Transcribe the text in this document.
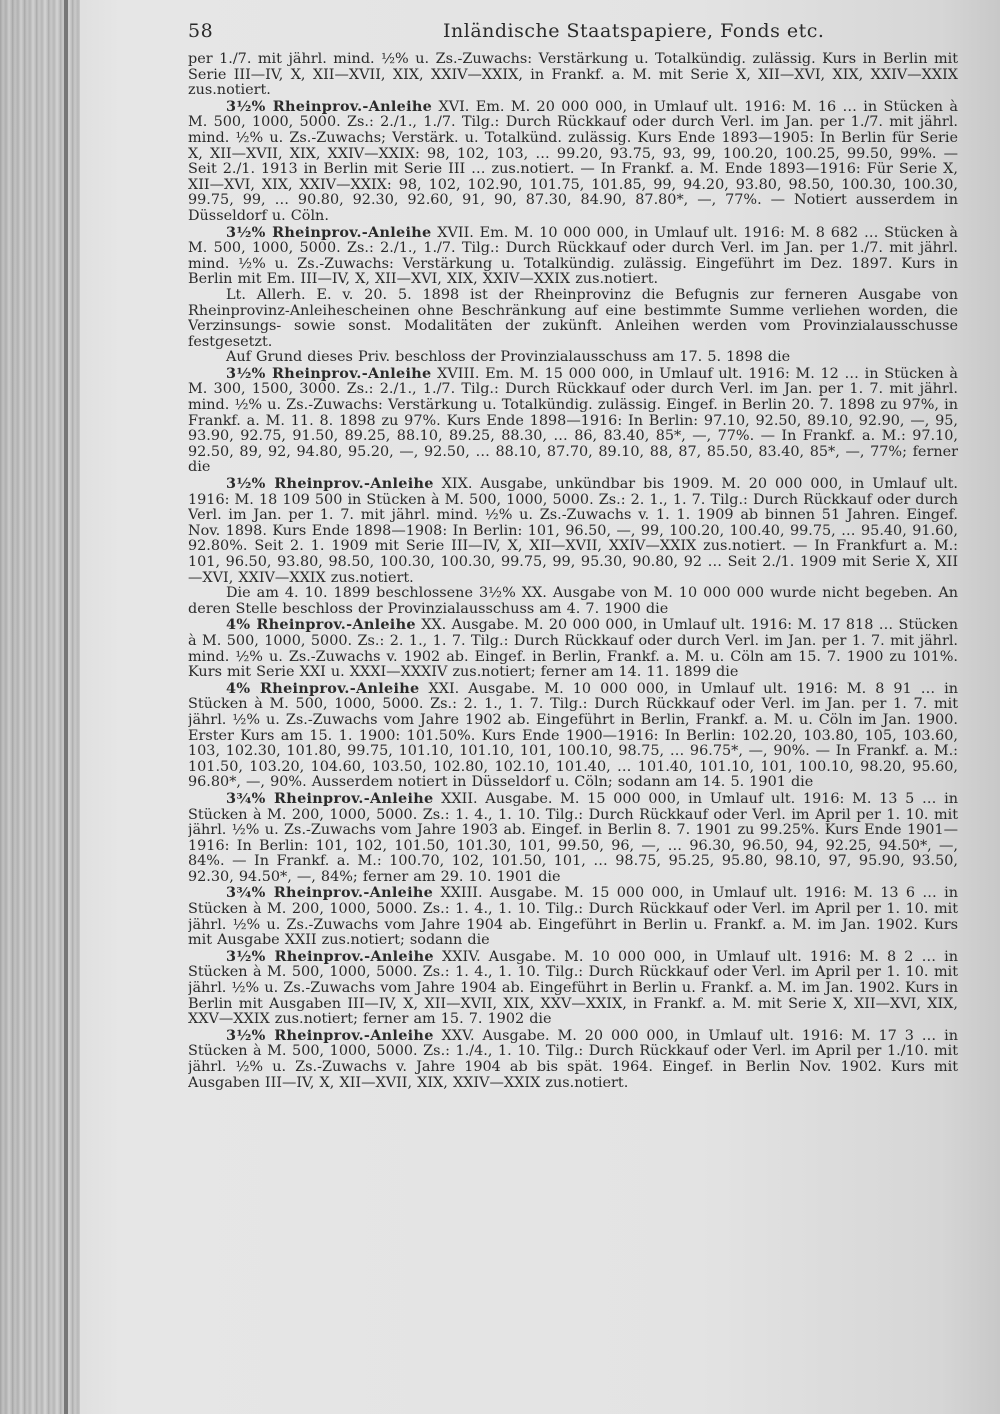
58	Inländische Staatspapiere, Fonds etc.

per 1./7. mit jährl. mind. ½% u. Zs.-Zuwachs: Verstärkung u. Totalkündig. zulässig. Kurs in Berlin mit Serie III—IV, X, XII—XVII, XIX, XXIV—XXIX, in Frankf. a. M. mit Serie X, XII—XVI, XIX, XXIV—XXIX zus.notiert.

3½% Rheinprov.-Anleihe XVI. Em. M. 20 000 000, in Umlauf ult. 1916: M. 16 … in Stücken à M. 500, 1000, 5000. Zs.: 2./1., 1./7. Tilg.: Durch Rückkauf oder durch Verl. im Jan. per 1./7. mit jährl. mind. ½% u. Zs.-Zuwachs; Verstärk. u. Totalkünd. zulässig. Kurs Ende 1893—1905: In Berlin für Serie X, XII—XVII, XIX, XXIV—XXIX: 98, 102, 103, … 99.20, 93.75, 93, 99, 100.20, 100.25, 99.50, 99%. — Seit 2./1. 1913 in Berlin mit Serie III … zus.notiert. — In Frankf. a. M. Ende 1893—1916: Für Serie X, XII—XVI, XIX, XXIV—XXIX: 98, 102, 102.90, 101.75, 101.85, 99, 94.20, 93.80, 98.50, 100.30, 100.30, 99.75, 99, … 90.80, 92.30, 92.60, 91, 90, 87.30, 84.90, 87.80*, —, 77%. — Notiert ausserdem in Düsseldorf u. Cöln.

3½% Rheinprov.-Anleihe XVII. Em. M. 10 000 000, in Umlauf ult. 1916: M. 8 682 … Stücken à M. 500, 1000, 5000. Zs.: 2./1., 1./7. Tilg.: Durch Rückkauf oder durch Verl. im Jan. per 1./7. mit jährl. mind. ½% u. Zs.-Zuwachs: Verstärkung u. Totalkündig. zulässig. Eingeführt im Dez. 1897. Kurs in Berlin mit Em. III—IV, X, XII—XVI, XIX, XXIV—XXIX zus.notiert.

Lt. Allerh. E. v. 20. 5. 1898 ist der Rheinprovinz die Befugnis zur ferneren Ausgabe von Rheinprovinz-Anleihescheinen ohne Beschränkung auf eine bestimmte Summe verliehen worden, die Verzinsungs- sowie sonst. Modalitäten der zukünft. Anleihen werden vom Provinzialausschusse festgesetzt.

Auf Grund dieses Priv. beschloss der Provinzialausschuss am 17. 5. 1898 die

3½% Rheinprov.-Anleihe XVIII. Em. M. 15 000 000, in Umlauf ult. 1916: M. 12 … in Stücken à M. 300, 1500, 3000. Zs.: 2./1., 1./7. Tilg.: Durch Rückkauf oder durch Verl. im Jan. per 1. 7. mit jährl. mind. ½% u. Zs.-Zuwachs: Verstärkung u. Totalkündig. zulässig. Eingef. in Berlin 20. 7. 1898 zu 97%, in Frankf. a. M. 11. 8. 1898 zu 97%. Kurs Ende 1898—1916: In Berlin: 97.10, 92.50, 89.10, 92.90, —, 95, 93.90, 92.75, 91.50, 89.25, 88.10, 89.25, 88.30, … 86, 83.40, 85*, —, 77%. — In Frankf. a. M.: 97.10, 92.50, 89, 92, 94.80, 95.20, —, 92.50, … 88.10, 87.70, 89.10, 88, 87, 85.50, 83.40, 85*, —, 77%; ferner die

3½% Rheinprov.-Anleihe XIX. Ausgabe, unkündbar bis 1909. M. 20 000 000, in Umlauf ult. 1916: M. 18 109 500 in Stücken à M. 500, 1000, 5000. Zs.: 2. 1., 1. 7. Tilg.: Durch Rückkauf oder durch Verl. im Jan. per 1. 7. mit jährl. mind. ½% u. Zs.-Zuwachs v. 1. 1. 1909 ab binnen 51 Jahren. Eingef. Nov. 1898. Kurs Ende 1898—1908: In Berlin: 101, 96.50, —, 99, 100.20, 100.40, 99.75, … 95.40, 91.60, 92.80%. Seit 2. 1. 1909 mit Serie III—IV, X, XII—XVII, XXIV—XXIX zus.notiert. — In Frankfurt a. M.: 101, 96.50, 93.80, 98.50, 100.30, 100.30, 99.75, 99, 95.30, 90.80, 92 … Seit 2./1. 1909 mit Serie X, XII—XVI, XXIV—XXIX zus.notiert.

Die am 4. 10. 1899 beschlossene 3½% XX. Ausgabe von M. 10 000 000 wurde nicht begeben. An deren Stelle beschloss der Provinzialausschuss am 4. 7. 1900 die

4% Rheinprov.-Anleihe XX. Ausgabe. M. 20 000 000, in Umlauf ult. 1916: M. 17 818 … Stücken à M. 500, 1000, 5000. Zs.: 2. 1., 1. 7. Tilg.: Durch Rückkauf oder durch Verl. im Jan. per 1. 7. mit jährl. mind. ½% u. Zs.-Zuwachs v. 1902 ab. Eingef. in Berlin, Frankf. a. M. u. Cöln am 15. 7. 1900 zu 101%. Kurs mit Serie XXI u. XXXI—XXXIV zus.notiert; ferner am 14. 11. 1899 die

4% Rheinprov.-Anleihe XXI. Ausgabe. M. 10 000 000, in Umlauf ult. 1916: M. 8 91 … in Stücken à M. 500, 1000, 5000. Zs.: 2. 1., 1. 7. Tilg.: Durch Rückkauf oder Verl. im Jan. per 1. 7. mit jährl. ½% u. Zs.-Zuwachs vom Jahre 1902 ab. Eingeführt in Berlin, Frankf. a. M. u. Cöln im Jan. 1900. Erster Kurs am 15. 1. 1900: 101.50%. Kurs Ende 1900—1916: In Berlin: 102.20, 103.80, 105, 103.60, 103, 102.30, 101.80, 99.75, 101.10, 101.10, 101, 100.10, 98.75, … 96.75*, —, 90%. — In Frankf. a. M.: 101.50, 103.20, 104.60, 103.50, 102.80, 102.10, 101.40, … 101.40, 101.10, 101, 100.10, 98.20, 95.60, 96.80*, —, 90%. Ausserdem notiert in Düsseldorf u. Cöln; sodann am 14. 5. 1901 die

3¾% Rheinprov.-Anleihe XXII. Ausgabe. M. 15 000 000, in Umlauf ult. 1916: M. 13 5 … in Stücken à M. 200, 1000, 5000. Zs.: 1. 4., 1. 10. Tilg.: Durch Rückkauf oder Verl. im April per 1. 10. mit jährl. ½% u. Zs.-Zuwachs vom Jahre 1903 ab. Eingef. in Berlin 8. 7. 1901 zu 99.25%. Kurs Ende 1901—1916: In Berlin: 101, 102, 101.50, 101.30, 101, 99.50, 96, —, … 96.30, 96.50, 94, 92.25, 94.50*, —, 84%. — In Frankf. a. M.: 100.70, 102, 101.50, 101, … 98.75, 95.25, 95.80, 98.10, 97, 95.90, 93.50, 92.30, 94.50*, —, 84%; ferner am 29. 10. 1901 die

3¾% Rheinprov.-Anleihe XXIII. Ausgabe. M. 15 000 000, in Umlauf ult. 1916: M. 13 6 … in Stücken à M. 200, 1000, 5000. Zs.: 1. 4., 1. 10. Tilg.: Durch Rückkauf oder Verl. im April per 1. 10. mit jährl. ½% u. Zs.-Zuwachs vom Jahre 1904 ab. Eingeführt in Berlin u. Frankf. a. M. im Jan. 1902. Kurs mit Ausgabe XXII zus.notiert; sodann die

3½% Rheinprov.-Anleihe XXIV. Ausgabe. M. 10 000 000, in Umlauf ult. 1916: M. 8 2 … in Stücken à M. 500, 1000, 5000. Zs.: 1. 4., 1. 10. Tilg.: Durch Rückkauf oder Verl. im April per 1. 10. mit jährl. ½% u. Zs.-Zuwachs vom Jahre 1904 ab. Eingeführt in Berlin u. Frankf. a. M. im Jan. 1902. Kurs in Berlin mit Ausgaben III—IV, X, XII—XVII, XIX, XXV—XXIX, in Frankf. a. M. mit Serie X, XII—XVI, XIX, XXV—XXIX zus.notiert; ferner am 15. 7. 1902 die

3½% Rheinprov.-Anleihe XXV. Ausgabe. M. 20 000 000, in Umlauf ult. 1916: M. 17 3 … in Stücken à M. 500, 1000, 5000. Zs.: 1./4., 1. 10. Tilg.: Durch Rückkauf oder Verl. im April per 1./10. mit jährl. ½% u. Zs.-Zuwachs v. Jahre 1904 ab bis spät. 1964. Eingef. in Berlin Nov. 1902. Kurs mit Ausgaben III—IV, X, XII—XVII, XIX, XXIV—XXIX zus.notiert.
